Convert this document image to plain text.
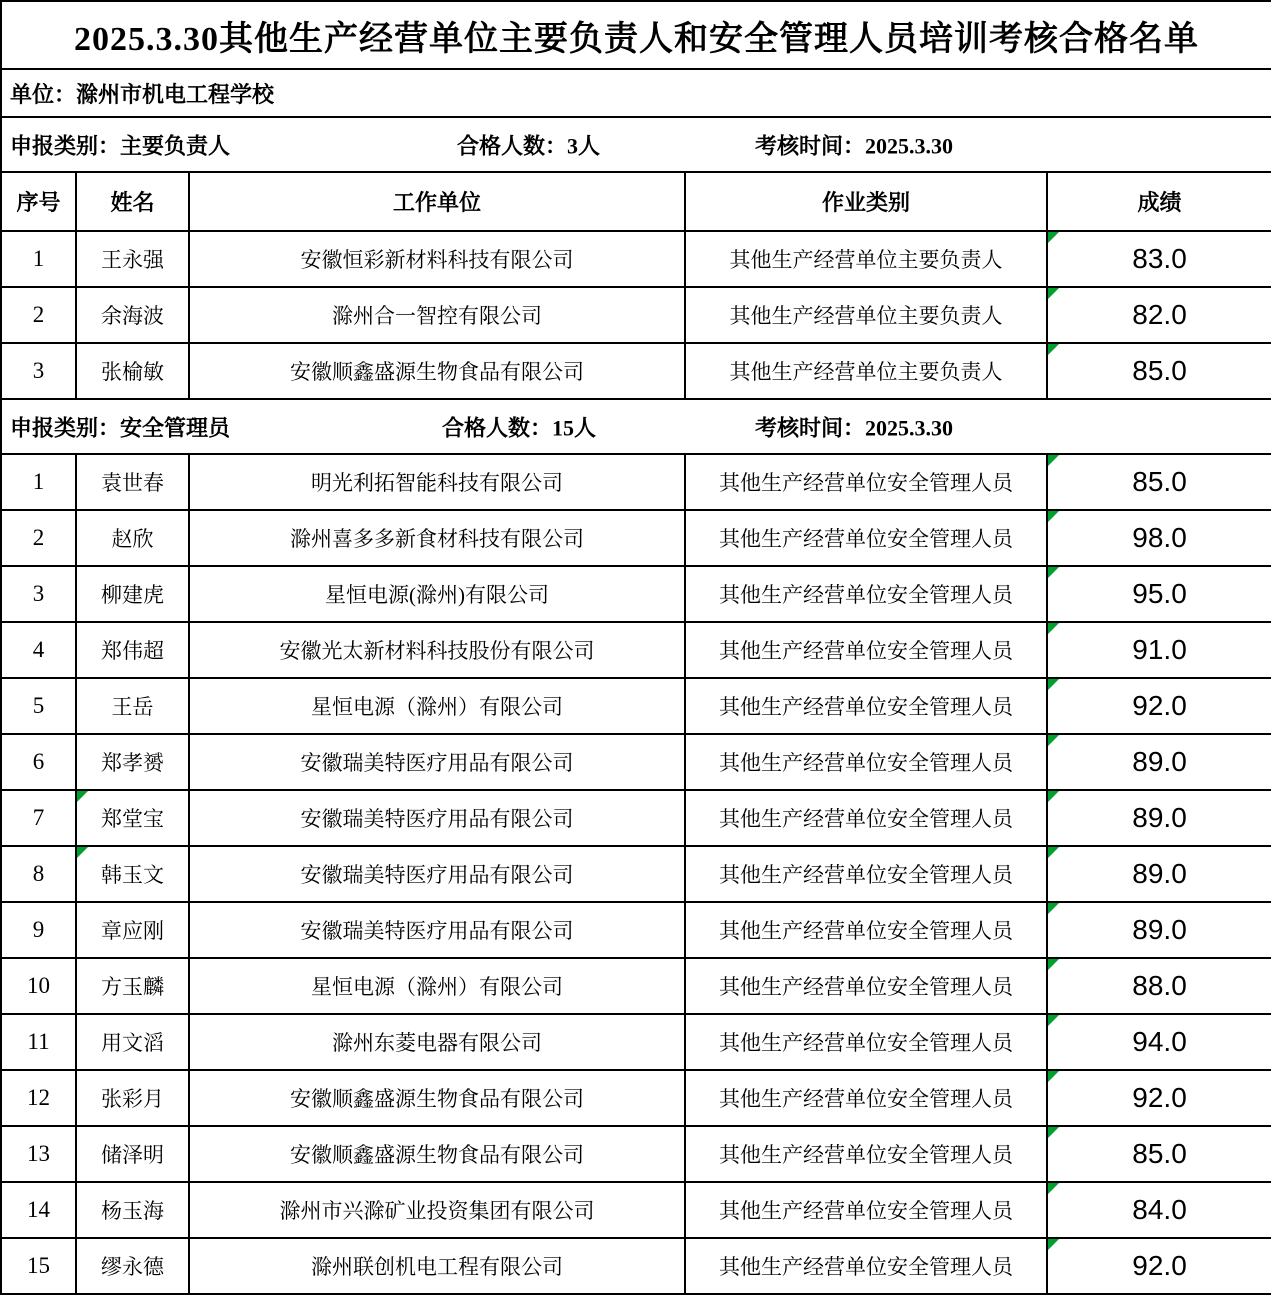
2025.3.30其他生产经营单位主要负责人和安全管理人员培训考核合格名单				
单位：滁州市机电工程学校				

申报类别：主要负责人 合格人数：3人 考核时间：2025.3.30				

序号	姓名	工作单位	作业类别	成绩
1	王永强	安徽恒彩新材料科技有限公司	其他生产经营单位主要负责人	83.0
2	余海波	滁州合一智控有限公司	其他生产经营单位主要负责人	82.0
3	张榆敏	安徽顺鑫盛源生物食品有限公司	其他生产经营单位主要负责人	85.0

申报类别：安全管理员 合格人数：15人 考核时间：2025.3.30				

1	袁世春	明光利拓智能科技有限公司	其他生产经营单位安全管理人员	85.0
2	赵欣	滁州喜多多新食材科技有限公司	其他生产经营单位安全管理人员	98.0
3	柳建虎	星恒电源(滁州)有限公司	其他生产经营单位安全管理人员	95.0
4	郑伟超	安徽光太新材料科技股份有限公司	其他生产经营单位安全管理人员	91.0
5	王岳	星恒电源（滁州）有限公司	其他生产经营单位安全管理人员	92.0
6	郑孝赟	安徽瑞美特医疗用品有限公司	其他生产经营单位安全管理人员	89.0
7	郑堂宝	安徽瑞美特医疗用品有限公司	其他生产经营单位安全管理人员	89.0
8	韩玉文	安徽瑞美特医疗用品有限公司	其他生产经营单位安全管理人员	89.0
9	章应刚	安徽瑞美特医疗用品有限公司	其他生产经营单位安全管理人员	89.0
10	方玉麟	星恒电源（滁州）有限公司	其他生产经营单位安全管理人员	88.0
11	用文滔	滁州东菱电器有限公司	其他生产经营单位安全管理人员	94.0
12	张彩月	安徽顺鑫盛源生物食品有限公司	其他生产经营单位安全管理人员	92.0
13	储泽明	安徽顺鑫盛源生物食品有限公司	其他生产经营单位安全管理人员	85.0
14	杨玉海	滁州市兴滁矿业投资集团有限公司	其他生产经营单位安全管理人员	84.0
15	缪永德	滁州联创机电工程有限公司	其他生产经营单位安全管理人员	92.0
